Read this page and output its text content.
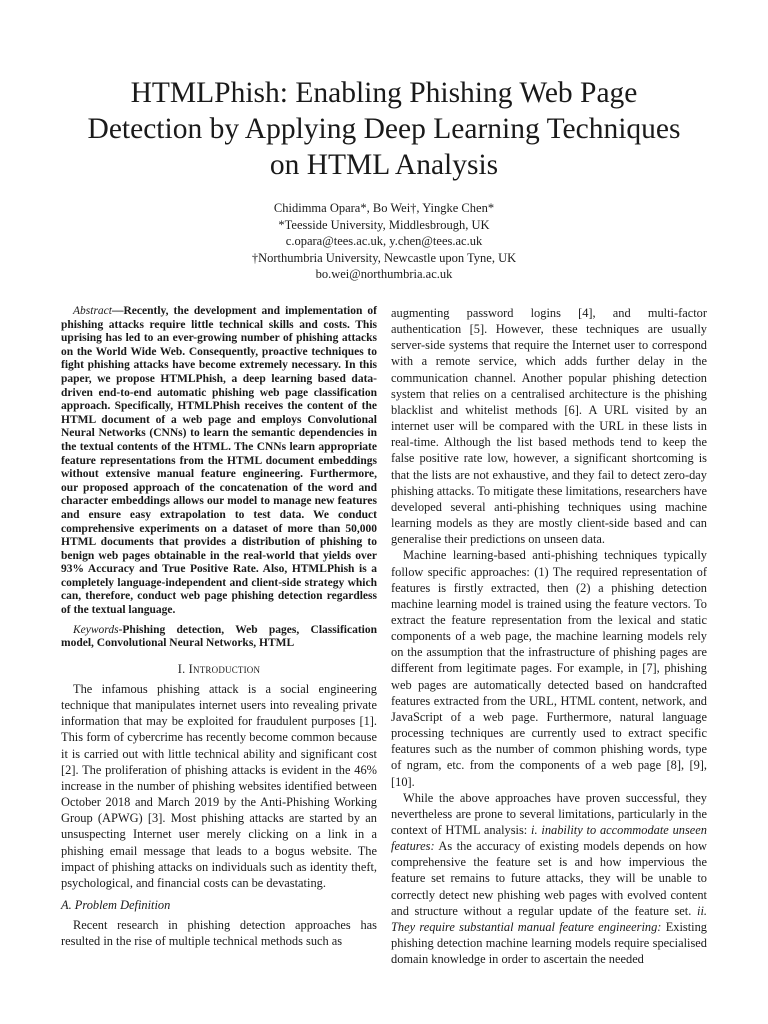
HTMLPhish: Enabling Phishing Web Page
Detection by Applying Deep Learning Techniques
on HTML Analysis
Chidimma Opara*, Bo Wei†, Yingke Chen*
*Teesside University, Middlesbrough, UK
c.opara@tees.ac.uk, y.chen@tees.ac.uk
†Northumbria University, Newcastle upon Tyne, UK
bo.wei@northumbria.ac.uk

Abstract—Recently, the development and implementation of phishing attacks require little technical skills and costs. This uprising has led to an ever-growing number of phishing attacks on the World Wide Web. Consequently, proactive techniques to fight phishing attacks have become extremely necessary. In this paper, we propose HTMLPhish, a deep learning based data-driven end-to-end automatic phishing web page classification approach. Specifically, HTMLPhish receives the content of the HTML document of a web page and employs Convolutional Neural Networks (CNNs) to learn the semantic dependencies in the textual contents of the HTML. The CNNs learn appropriate feature representations from the HTML document embeddings without extensive manual feature engineering. Furthermore, our proposed approach of the concatenation of the word and character embeddings allows our model to manage new features and ensure easy extrapolation to test data. We conduct comprehensive experiments on a dataset of more than 50,000 HTML documents that provides a distribution of phishing to benign web pages obtainable in the real-world that yields over 93% Accuracy and True Positive Rate. Also, HTMLPhish is a completely language-independent and client-side strategy which can, therefore, conduct web page phishing detection regardless of the textual language.

Keywords-Phishing detection, Web pages, Classification model, Convolutional Neural Networks, HTML

I. Introduction

The infamous phishing attack is a social engineering technique that manipulates internet users into revealing private information that may be exploited for fraudulent purposes [1]. This form of cybercrime has recently become common because it is carried out with little technical ability and significant cost [2]. The proliferation of phishing attacks is evident in the 46% increase in the number of phishing websites identified between October 2018 and March 2019 by the Anti-Phishing Working Group (APWG) [3]. Most phishing attacks are started by an unsuspecting Internet user merely clicking on a link in a phishing email message that leads to a bogus website. The impact of phishing attacks on individuals such as identity theft, psychological, and financial costs can be devastating.

A. Problem Definition

Recent research in phishing detection approaches has resulted in the rise of multiple technical methods such as

augmenting password logins [4], and multi-factor authentication [5]. However, these techniques are usually server-side systems that require the Internet user to correspond with a remote service, which adds further delay in the communication channel. Another popular phishing detection system that relies on a centralised architecture is the phishing blacklist and whitelist methods [6]. A URL visited by an internet user will be compared with the URL in these lists in real-time. Although the list based methods tend to keep the false positive rate low, however, a significant shortcoming is that the lists are not exhaustive, and they fail to detect zero-day phishing attacks. To mitigate these limitations, researchers have developed several anti-phishing techniques using machine learning models as they are mostly client-side based and can generalise their predictions on unseen data.

Machine learning-based anti-phishing techniques typically follow specific approaches: (1) The required representation of features is firstly extracted, then (2) a phishing detection machine learning model is trained using the feature vectors. To extract the feature representation from the lexical and static components of a web page, the machine learning models rely on the assumption that the infrastructure of phishing pages are different from legitimate pages. For example, in [7], phishing web pages are automatically detected based on handcrafted features extracted from the URL, HTML content, network, and JavaScript of a web page. Furthermore, natural language processing techniques are currently used to extract specific features such as the number of common phishing words, type of ngram, etc. from the components of a web page [8], [9], [10].

While the above approaches have proven successful, they nevertheless are prone to several limitations, particularly in the context of HTML analysis: i. inability to accommodate unseen features: As the accuracy of existing models depends on how comprehensive the feature set is and how impervious the feature set remains to future attacks, they will be unable to correctly detect new phishing web pages with evolved content and structure without a regular update of the feature set. ii. They require substantial manual feature engineering: Existing phishing detection machine learning models require specialised domain knowledge in order to ascertain the needed
